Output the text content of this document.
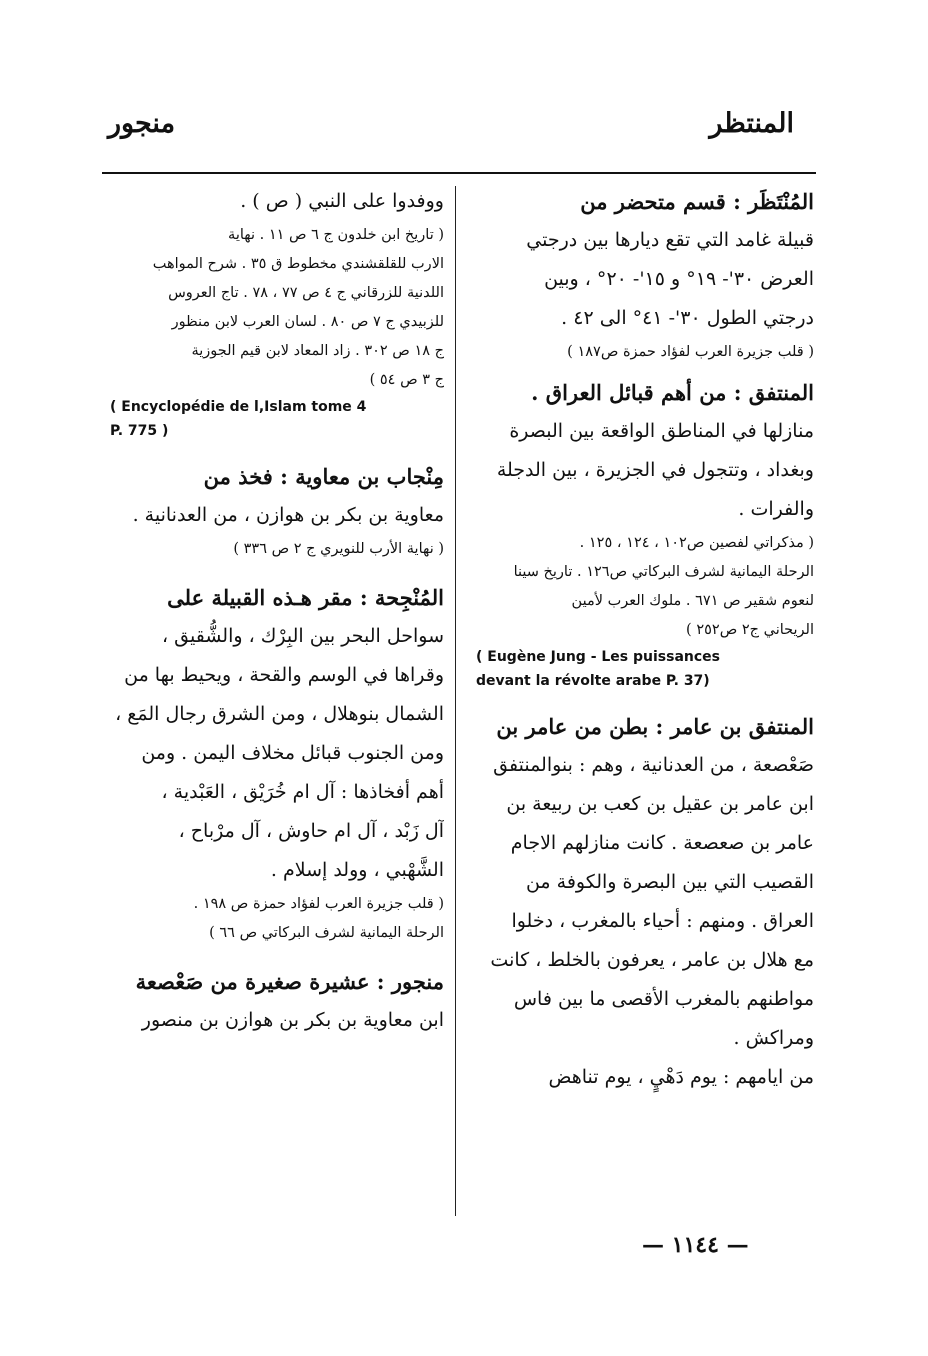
المنتظر
منجور
المُنْتَظَر : قسم متحضر من
قبيلة غامد التي تقع ديارها بين درجتي
العرض ٣٠'- ١٩° و ١٥'- ٢٠° ، وبين
درجتي الطول ٣٠'- ٤١° الى ٤٢ .
( قلب جزيرة العرب لفؤاد حمزة ص١٨٧ )
المنتفق : من أهم قبائل العراق .
منازلها في المناطق الواقعة بين البصرة
وبغداد ، وتتجول في الجزيرة ، بين الدجلة
والفرات .
( مذكراتي لفصين ص١٠٢ ، ١٢٤ ، ١٢٥ .
الرحلة اليمانية لشرف البركاتي ص١٢٦ . تاريخ سينا
لنعوم شقير ص ٦٧١ . ملوك العرب لأمين
الريحاني ج٢ ص٢٥٢ )
( Eugène Jung - Les puissances
devant la révolte arabe P. 37)
المنتفق بن عامر : بطن من عامر بن
صَعْصعة ، من العدنانية ، وهم : بنوالمنتفق
ابن عامر بن عقيل بن كعب بن ربيعة بن
عامر بن صعصعة . كانت منازلهم الاجام
القصيب التي بين البصرة والكوفة من
العراق . ومنهم : أحياء بالمغرب ، دخلوا
مع هلال بن عامر ، يعرفون بالخلط ، كانت
مواطنهم بالمغرب الأقصى ما بين فاس
ومراكش .
من ايامهم : يوم دَهْيٍ ، يوم تناهض
ووفدوا على النبي ( ص ) .
( تاريخ ابن خلدون ج ٦ ص ١١ . نهاية
الارب للقلقشندي مخطوط ق ٣٥ . شرح المواهب
اللدنية للزرقاني ج ٤ ص ٧٧ ، ٧٨ . تاج العروس
للزبيدي ج ٧ ص ٨٠ . لسان العرب لابن منظور
ج ١٨ ص ٣٠٢ . زاد المعاد لابن قيم الجوزية
ج ٣ ص ٥٤ )
( Encyclopédie de l,Islam tome 4
P. 775 )
مِنْجاب بن معاوية : فخذ من
معاوية بن بكر بن هوازن ، من العدنانية .
( نهاية الأرب للنويري ج ٢ ص ٣٣٦ )
المُنْجِحة : مقر هـذه القبيلة على
سواحل البحر بين البِرْك ، والشُّقيق ،
وقراها في الوسم والقحة ، ويحيط بها من
الشمال بنوهلال ، ومن الشرق رجال المَع ،
ومن الجنوب قبائل مخلاف اليمن . ومن
أهم أفخاذها : آل ام خُرَيْق ، العَبْدية ،
آل زَبْد ، آل ام حاوش ، آل مرْباح ،
الشَّهْبي ، وولد إسلام .
( قلب جزيرة العرب لفؤاد حمزة ص ١٩٨ .
الرحلة اليمانية لشرف البركاتي ص ٦٦ )
منجور : عشيرة صغيرة من صَعْصعة
ابن معاوية بن بكر بن هوازن بن منصور
— ١١٤٤ —
